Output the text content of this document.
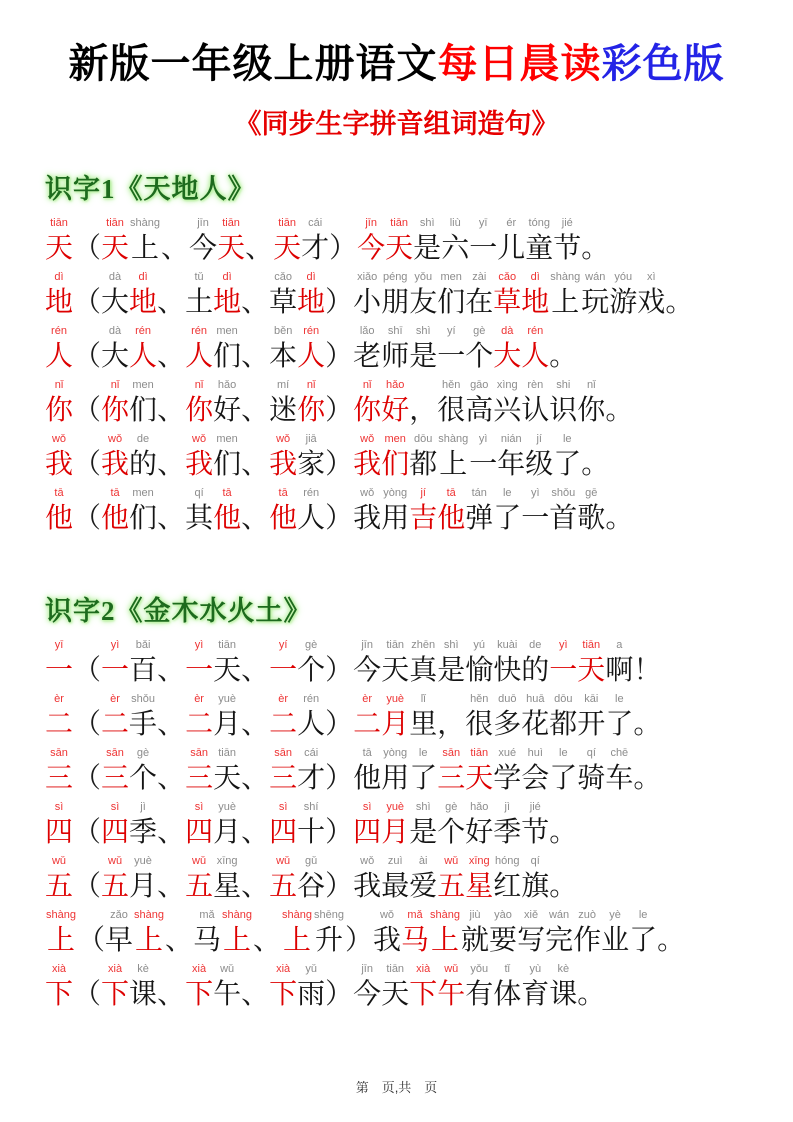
新版一年级上册语文每日晨读彩色版
《同步生字拼音组词造句》
识字1《天地人》
tiān
天 （
tiān
天
shàng
上 、
jīn
今
tiān
天 、
tiān
天
cái
才 ）
jīn
今
tiān
天
shì
是
liù
六
yī
一
ér
儿
tóng
童
jié
节 。
dì
地 （
dà
大
dì
地 、
tǔ
土
dì
地 、
cǎo
草
dì
地 ）
xiǎo
小
péng
朋
yǒu
友
men
们
zài
在
cǎo
草
dì
地
shàng
上
wán
玩
yóu
游
xì
戏 。
rén
人 （
dà
大
rén
人 、
rén
人
men
们 、
běn
本
rén
人 ）
lǎo
老
shī
师
shì
是
yí
一
gè
个
dà
大
rén
人 。
nǐ
你 （
nǐ
你
men
们 、
nǐ
你
hǎo
好 、
mí
迷
nǐ
你 ）
nǐ
你
hǎo
好 ，
hěn
很
gāo
高
xìng
兴
rèn
认
shi
识
nǐ
你 。
wǒ
我 （
wǒ
我
de
的 、
wǒ
我
men
们 、
wǒ
我
jiā
家 ）
wǒ
我
men
们
dōu
都
shàng
上
yì
一
nián
年
jí
级
le
了 。
tā
他 （
tā
他
men
们 、
qí
其
tā
他 、
tā
他
rén
人 ）
wǒ
我
yòng
用
jí
吉
tā
他
tán
弹
le
了
yì
一
shǒu
首
gē
歌 。
识字2《金木水火土》
yī
一 （
yì
一
bǎi
百 、
yì
一
tiān
天 、
yí
一
gè
个 ）
jīn
今
tiān
天
zhēn
真
shì
是
yú
愉
kuài
快
de
的
yì
一
tiān
天
a
啊 ！
èr
二 （
èr
二
shǒu
手 、
èr
二
yuè
月 、
èr
二
rén
人 ）
èr
二
yuè
月
lǐ
里 ，
hěn
很
duō
多
huā
花
dōu
都
kāi
开
le
了 。
sān
三 （
sān
三
gè
个 、
sān
三
tiān
天 、
sān
三
cái
才 ）
tā
他
yòng
用
le
了
sān
三
tiān
天
xué
学
huì
会
le
了
qí
骑
chē
车 。
sì
四 （
sì
四
jì
季 、
sì
四
yuè
月 、
sì
四
shí
十 ）
sì
四
yuè
月
shì
是
gè
个
hǎo
好
jì
季
jié
节 。
wǔ
五 （
wǔ
五
yuè
月 、
wǔ
五
xīng
星 、
wǔ
五
gǔ
谷 ）
wǒ
我
zuì
最
ài
爱
wǔ
五
xīng
星
hóng
红
qí
旗 。
shàng
上 （
zǎo
早
shàng
上 、
mǎ
马
shàng
上 、
shàng
上
shēng
升 ）
wǒ
我
mǎ
马
shàng
上
jiù
就
yào
要
xiě
写
wán
完
zuò
作
yè
业
le
了 。
xià
下 （
xià
下
kè
课 、
xià
下
wǔ
午 、
xià
下
yǔ
雨 ）
jīn
今
tiān
天
xià
下
wǔ
午
yǒu
有
tǐ
体
yù
育
kè
课 。
第　页,共　页
